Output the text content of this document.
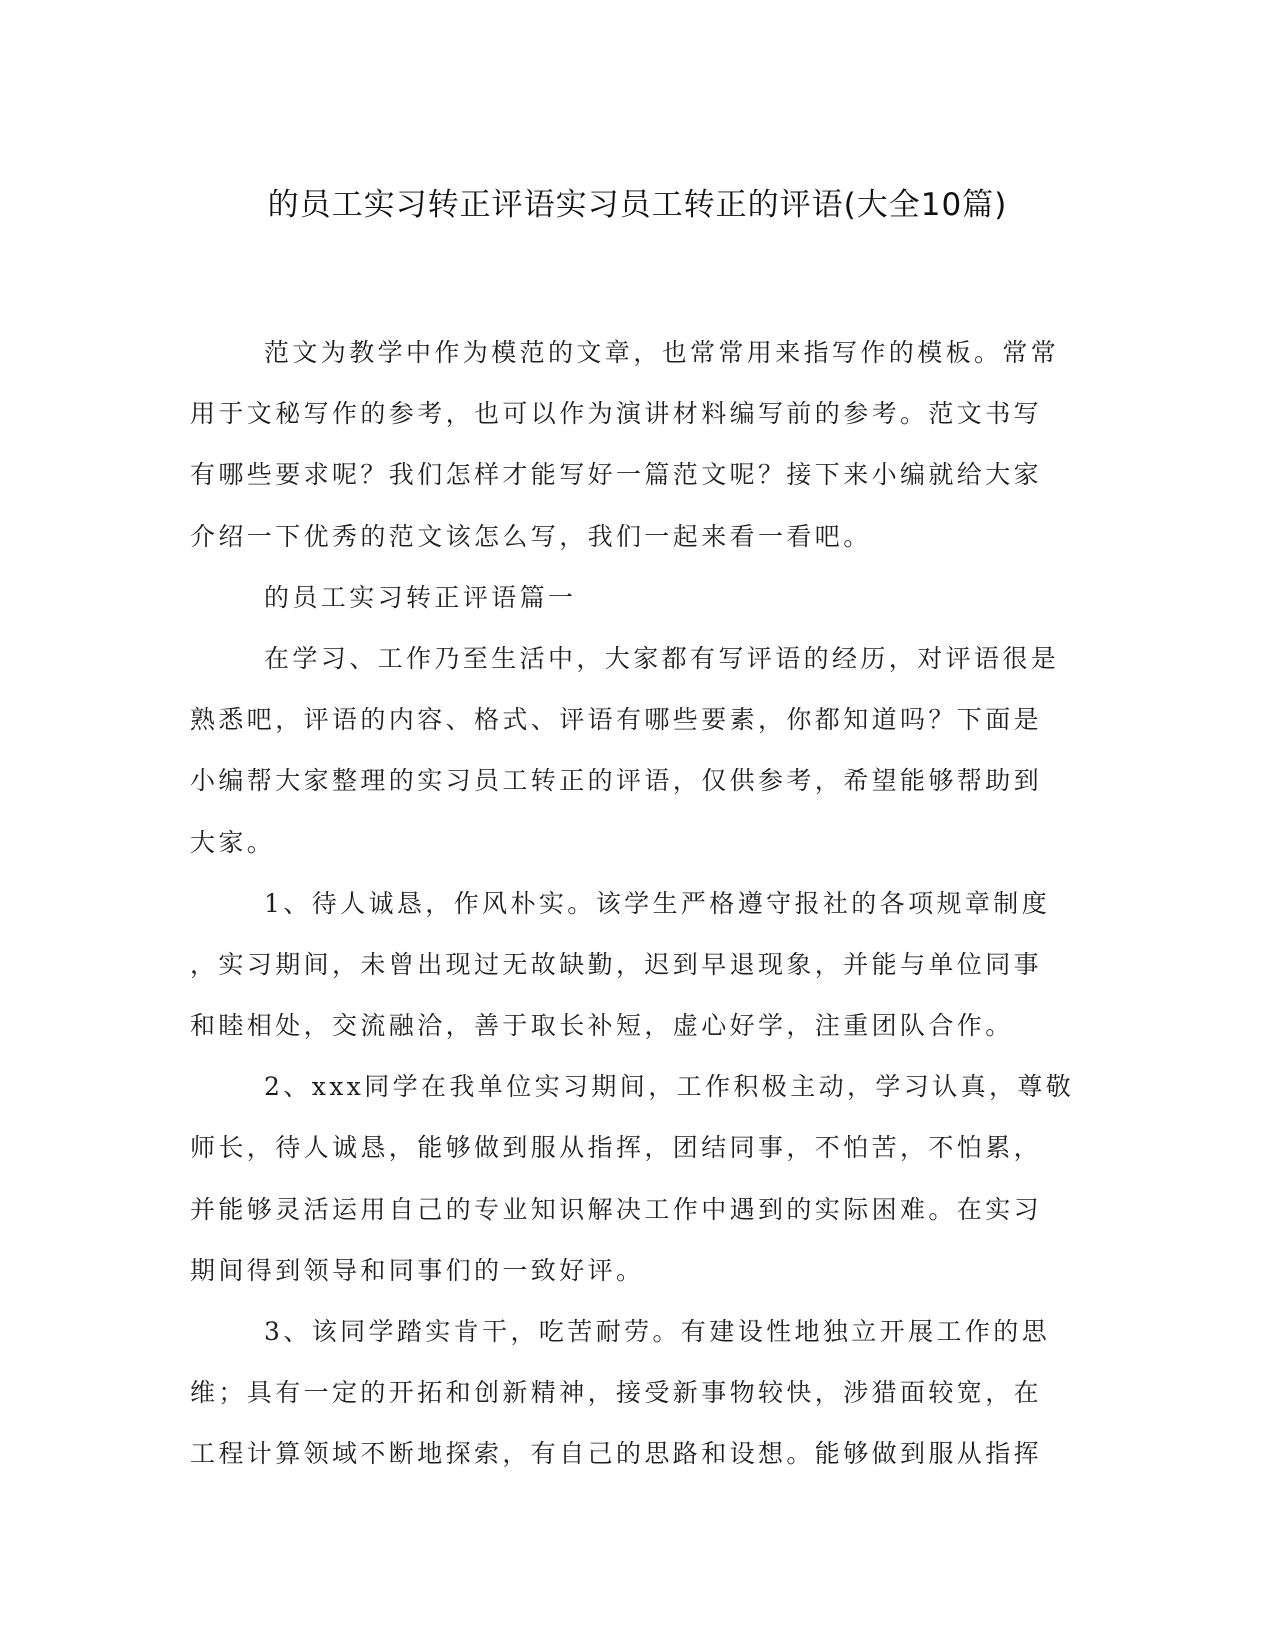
的员工实习转正评语实习员工转正的评语(大全10篇)
范文为教学中作为模范的文章，也常常用来指写作的模板。常常
用于文秘写作的参考，也可以作为演讲材料编写前的参考。范文书写
有哪些要求呢？我们怎样才能写好一篇范文呢？接下来小编就给大家
介绍一下优秀的范文该怎么写，我们一起来看一看吧。
的员工实习转正评语篇一
在学习、工作乃至生活中，大家都有写评语的经历，对评语很是
熟悉吧，评语的内容、格式、评语有哪些要素，你都知道吗？下面是
小编帮大家整理的实习员工转正的评语，仅供参考，希望能够帮助到
大家。
1、待人诚恳，作风朴实。该学生严格遵守报社的各项规章制度
，实习期间，未曾出现过无故缺勤，迟到早退现象，并能与单位同事
和睦相处，交流融洽，善于取长补短，虚心好学，注重团队合作。
2、xxx同学在我单位实习期间，工作积极主动，学习认真，尊敬
师长，待人诚恳，能够做到服从指挥，团结同事，不怕苦，不怕累，
并能够灵活运用自己的专业知识解决工作中遇到的实际困难。在实习
期间得到领导和同事们的一致好评。
3、该同学踏实肯干，吃苦耐劳。有建设性地独立开展工作的思
维；具有一定的开拓和创新精神，接受新事物较快，涉猎面较宽，在
工程计算领域不断地探索，有自己的思路和设想。能够做到服从指挥
